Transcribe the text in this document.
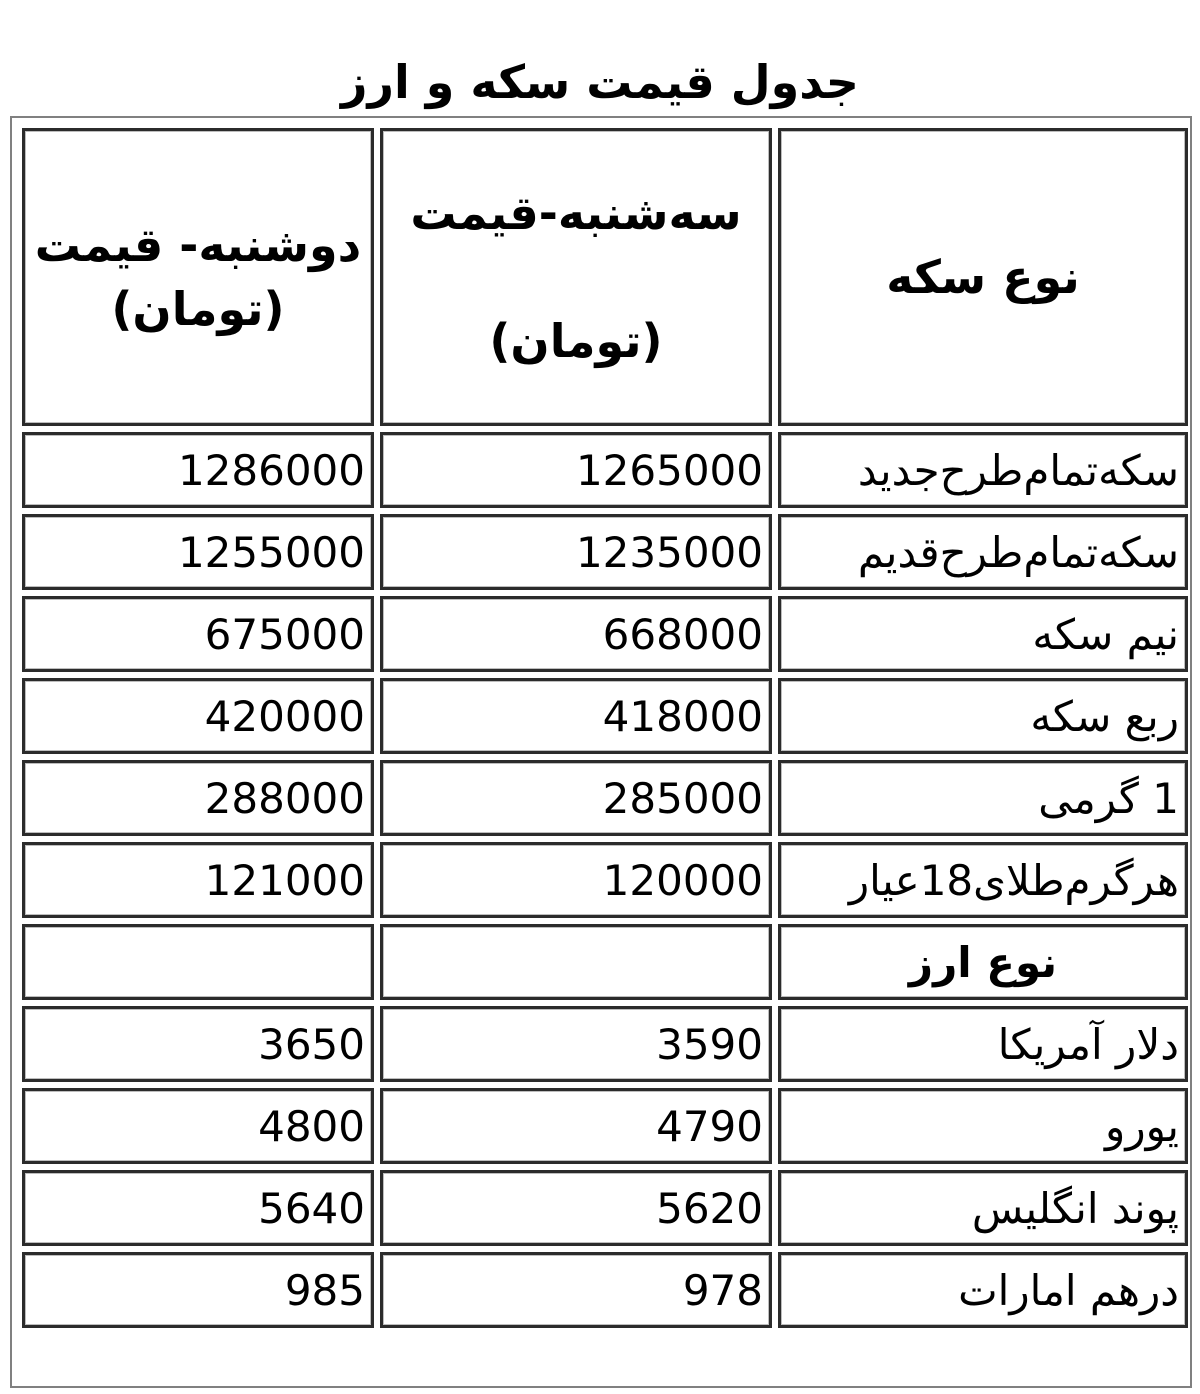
جدول قیمت سکه و ارز
نوع سکه	سه‌شنبه-قیمت (تومان)	دوشنبه- قیمت (تومان)
سکه‌تمام‌طرح‌جدید	1265000	1286000
سکه‌تمام‌طرح‌قدیم	1235000	1255000
نیم سکه	668000	675000
ربع سکه	418000	420000
1 گرمی	285000	288000
هرگرم‌طلای18عیار	120000	121000
نوع ارز		
دلار آمریکا	3590	3650
یورو	4790	4800
پوند انگلیس	5620	5640
درهم امارات	978	985
